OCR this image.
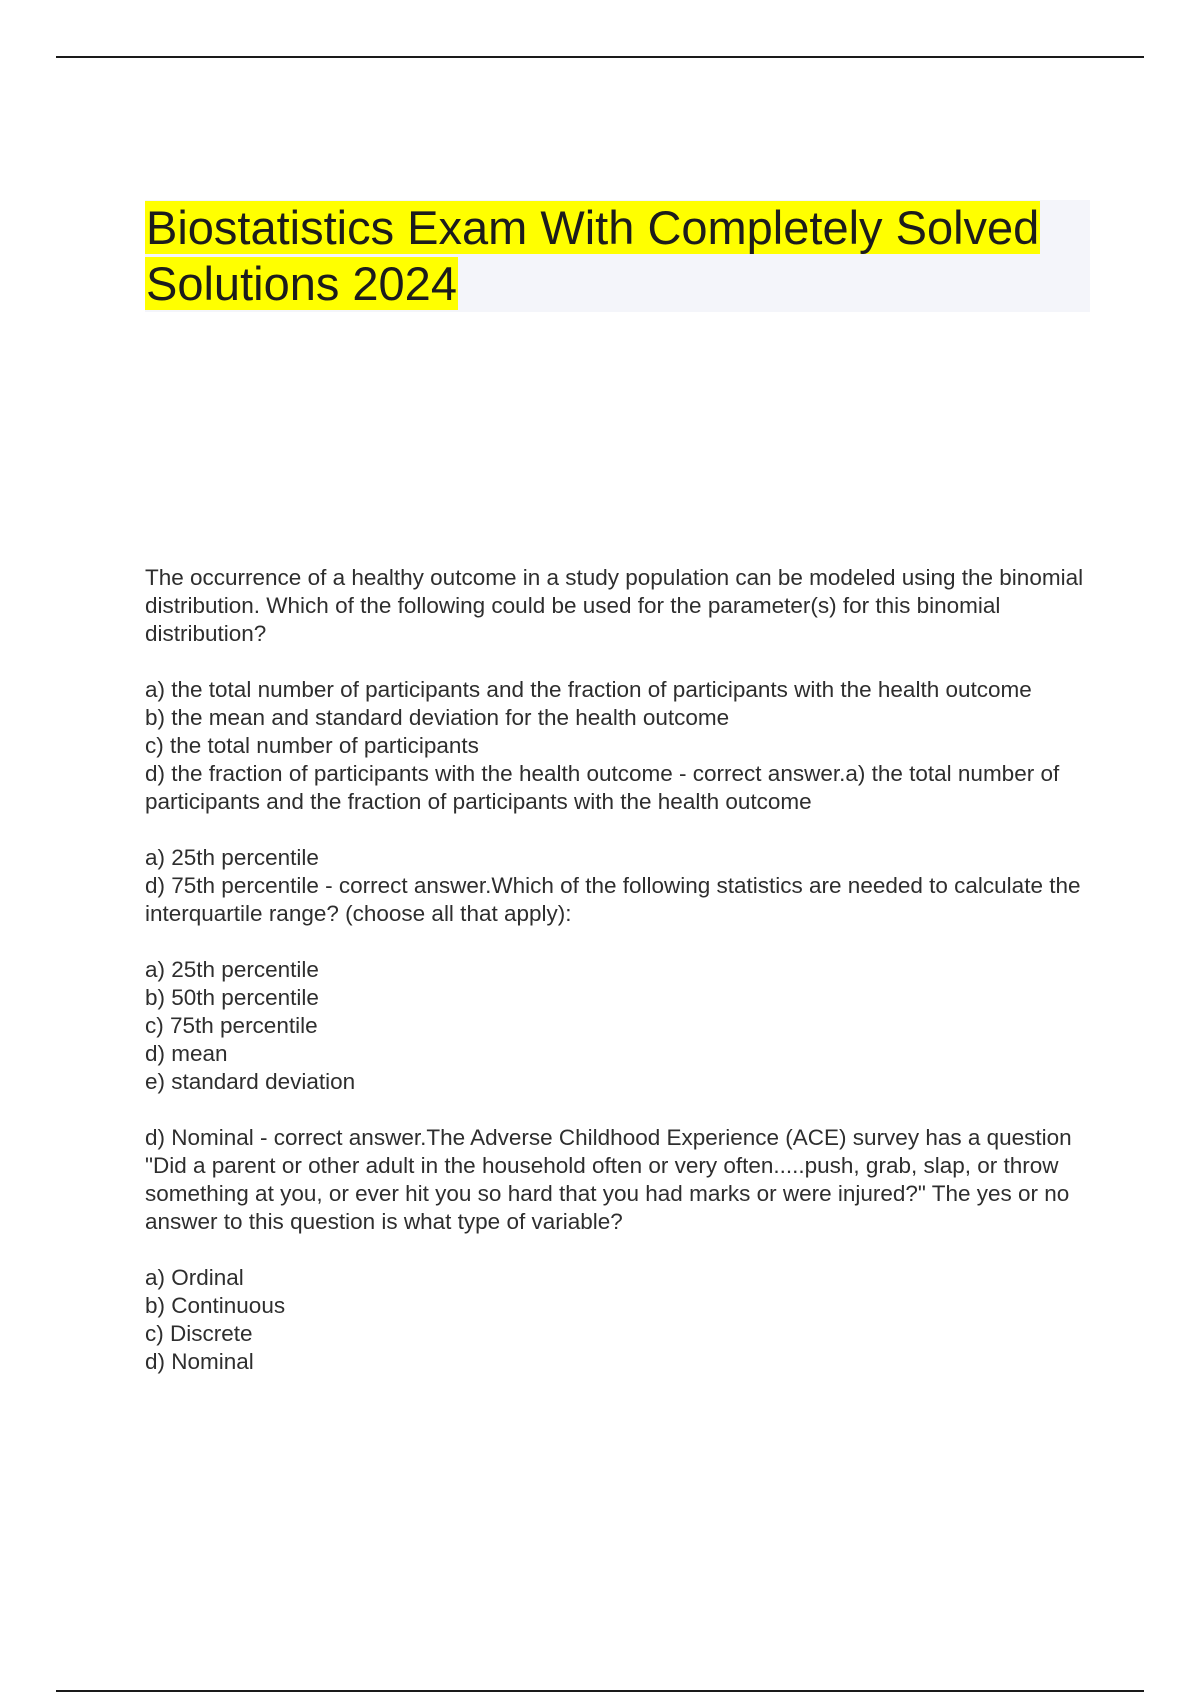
Biostatistics Exam With Completely Solved
Solutions 2024

The occurrence of a healthy outcome in a study population can be modeled using the binomial distribution. Which of the following could be used for the parameter(s) for this binomial distribution?

a) the total number of participants and the fraction of participants with the health outcome

b) the mean and standard deviation for the health outcome

c) the total number of participants

d) the fraction of participants with the health outcome - correct answer.a) the total number of participants and the fraction of participants with the health outcome

a) 25th percentile

d) 75th percentile - correct answer.Which of the following statistics are needed to calculate the interquartile range? (choose all that apply):

a) 25th percentile

b) 50th percentile

c) 75th percentile

d) mean

e) standard deviation

d) Nominal - correct answer.The Adverse Childhood Experience (ACE) survey has a question "Did a parent or other adult in the household often or very often.....push, grab, slap, or throw something at you, or ever hit you so hard that you had marks or were injured?" The yes or no answer to this question is what type of variable?

a) Ordinal

b) Continuous

c) Discrete

d) Nominal
